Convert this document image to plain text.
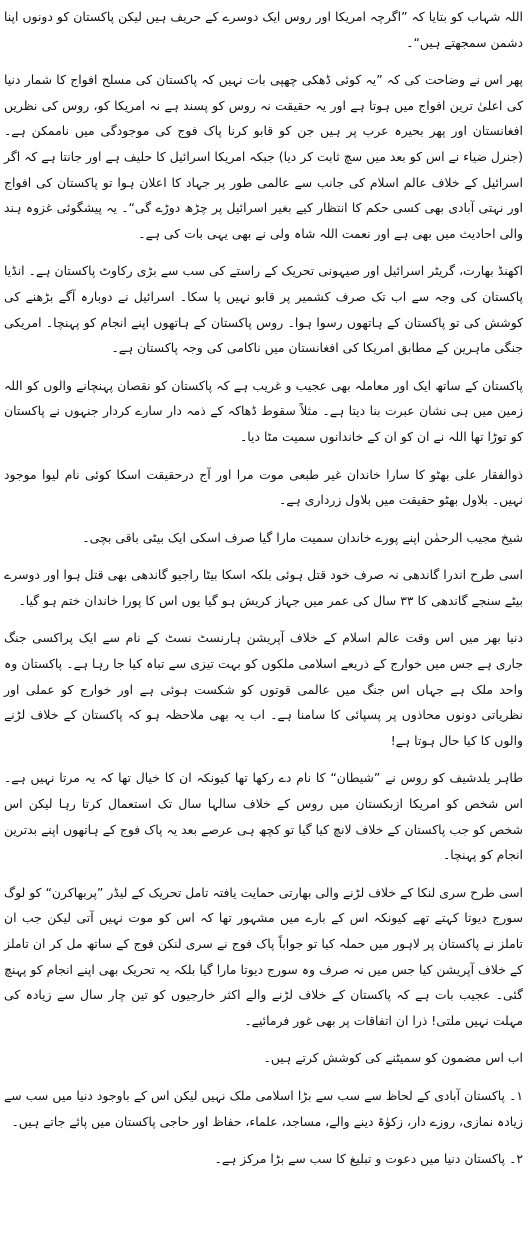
اللہ شہاب کو بتایا کہ ”اگرچہ امریکا اور روس ایک دوسرے کے حریف ہیں لیکن پاکستان کو دونوں اپنا دشمن سمجھتے ہیں“۔

پھر اس نے وضاحت کی کہ ”یہ کوئی ڈھکی چھپی بات نہیں کہ پاکستان کی مسلح افواج کا شمار دنیا کی اعلیٰ ترین افواج میں ہوتا ہے اور یہ حقیقت نہ روس کو پسند ہے نہ امریکا کو، روس کی نظریں افغانستان اور پھر بحیرہ عرب پر ہیں جن کو قابو کرنا پاک فوج کی موجودگی میں ناممکن ہے۔ (جنرل ضیاء نے اس کو بعد میں سچ ثابت کر دیا) جبکہ امریکا اسرائیل کا حلیف ہے اور جانتا ہے کہ اگر اسرائیل کے خلاف عالم اسلام کی جانب سے عالمی طور پر جہاد کا اعلان ہوا تو پاکستان کی افواج اور نہتی آبادی بھی کسی حکم کا انتظار کیے بغیر اسرائیل پر چڑھ دوڑے گی“۔ یہ پیشگوئی غزوہ ہند والی احادیث میں بھی ہے اور نعمت اللہ شاہ ولی نے بھی یہی بات کی ہے۔

اکھنڈ بھارت، گریٹر اسرائیل اور صیہونی تحریک کے راستے کی سب سے بڑی رکاوٹ پاکستان ہے۔ انڈیا پاکستان کی وجہ سے اب تک صرف کشمیر پر قابو نہیں پا سکا۔ اسرائیل نے دوبارہ آگے بڑھنے کی کوشش کی تو پاکستان کے ہاتھوں رسوا ہوا۔ روس پاکستان کے ہاتھوں اپنے انجام کو پہنچا۔ امریکی جنگی ماہرین کے مطابق امریکا کی افغانستان میں ناکامی کی وجہ پاکستان ہے۔

پاکستان کے ساتھ ایک اور معاملہ بھی عجیب و غریب ہے کہ پاکستان کو نقصان پہنچانے والوں کو اللہ زمین میں ہی نشان عبرت بنا دیتا ہے۔ مثلاً سقوط ڈھاکہ کے ذمہ دار سارے کردار جنہوں نے پاکستان کو توڑا تھا اللہ نے ان کو ان کے خاندانوں سمیت مٹا دیا۔

ذوالفقار علی بھٹو کا سارا خاندان غیر طبعی موت مرا اور آج درحقیقت اسکا کوئی نام لیوا موجود نہیں۔ بلاول بھٹو حقیقت میں بلاول زرداری ہے۔

شیخ مجیب الرحمٰن اپنے پورے خاندان سمیت مارا گیا صرف اسکی ایک بیٹی باقی بچی۔

اسی طرح اندرا گاندھی نہ صرف خود قتل ہوئی بلکہ اسکا بیٹا راجیو گاندھی بھی قتل ہوا اور دوسرے بیٹے سنجے گاندھی کا ۳۳ سال کی عمر میں جہاز کریش ہو گیا یوں اس کا پورا خاندان ختم ہو گیا۔

دنیا بھر میں اس وقت عالم اسلام کے خلاف آپریشن ہارنسٹ نسٹ کے نام سے ایک پراکسی جنگ جاری ہے جس میں خوارج کے ذریعے اسلامی ملکوں کو بہت تیزی سے تباہ کیا جا رہا ہے۔ پاکستان وہ واحد ملک ہے جہاں اس جنگ میں عالمی قوتوں کو شکست ہوئی ہے اور خوارج کو عملی اور نظریاتی دونوں محاذوں پر پسپائی کا سامنا ہے۔ اب یہ بھی ملاحظہ ہو کہ پاکستان کے خلاف لڑنے والوں کا کیا حال ہوتا ہے!

طاہر یلدشیف کو روس نے ”شیطان“ کا نام دے رکھا تھا کیونکہ ان کا خیال تھا کہ یہ مرتا نہیں ہے۔ اس شخص کو امریکا ازبکستان میں روس کے خلاف سالہا سال تک استعمال کرتا رہا لیکن اس شخص کو جب پاکستان کے خلاف لانچ کیا گیا تو کچھ ہی عرصے بعد یہ پاک فوج کے ہاتھوں اپنے بدترین انجام کو پہنچا۔

اسی طرح سری لنکا کے خلاف لڑنے والی بھارتی حمایت یافتہ تامل تحریک کے لیڈر ”پربھاکرن“ کو لوگ سورج دیوتا کہتے تھے کیونکہ اس کے بارے میں مشہور تھا کہ اس کو موت نہیں آتی لیکن جب ان تاملز نے پاکستان پر لاہور میں حملہ کیا تو جواباً پاک فوج نے سری لنکن فوج کے ساتھ مل کر ان تاملز کے خلاف آپریشن کیا جس میں نہ صرف وہ سورج دیوتا مارا گیا بلکہ یہ تحریک بھی اپنے انجام کو پہنچ گئی۔ عجیب بات ہے کہ پاکستان کے خلاف لڑنے والے اکثر خارجیوں کو تین چار سال سے زیادہ کی مہلت نہیں ملتی! ذرا ان اتفاقات پر بھی غور فرمائیے۔

اب اس مضمون کو سمیٹنے کی کوشش کرتے ہیں۔

۱۔ پاکستان آبادی کے لحاظ سے سب سے بڑا اسلامی ملک نہیں لیکن اس کے باوجود دنیا میں سب سے زیادہ نمازی، روزے دار، زکوٰۃ دینے والے، مساجد، علماء، حفاظ اور حاجی پاکستان میں پائے جاتے ہیں۔

۲۔ پاکستان دنیا میں دعوت و تبلیغ کا سب سے بڑا مرکز ہے۔
